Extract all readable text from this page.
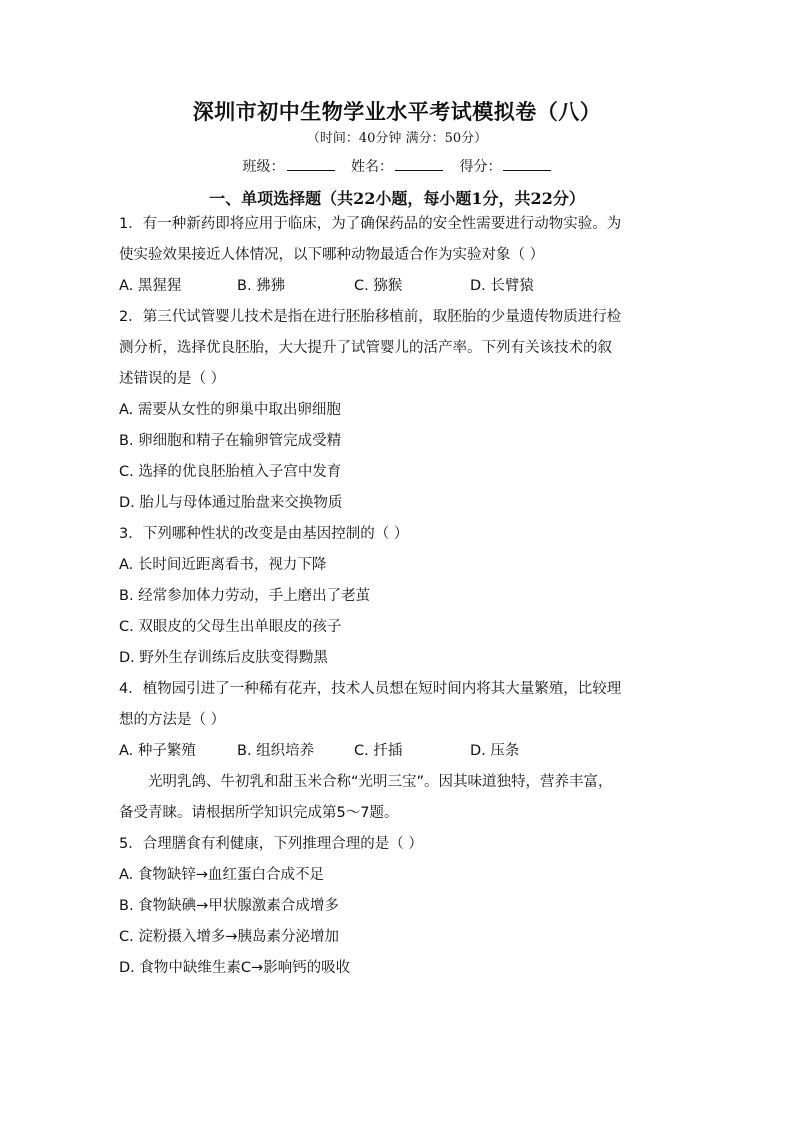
深圳市初中生物学业水平考试模拟卷（八）
（时间：40分钟 满分：50分）
班级：	姓名：	得分：
一、单项选择题（共22小题，每小题1分，共22分）
1．有一种新药即将应用于临床，为了确保药品的安全性需要进行动物实验。为
使实验效果接近人体情况，以下哪种动物最适合作为实验对象（ ）
A. 黑猩猩	B. 狒狒	C. 猕猴	D. 长臂猿
2．第三代试管婴儿技术是指在进行胚胎移植前，取胚胎的少量遗传物质进行检
测分析，选择优良胚胎，大大提升了试管婴儿的活产率。下列有关该技术的叙
述错误的是（ ）
A. 需要从女性的卵巢中取出卵细胞
B. 卵细胞和精子在输卵管完成受精
C. 选择的优良胚胎植入子宫中发育
D. 胎儿与母体通过胎盘来交换物质
3．下列哪种性状的改变是由基因控制的（ ）
A. 长时间近距离看书，视力下降
B. 经常参加体力劳动，手上磨出了老茧
C. 双眼皮的父母生出单眼皮的孩子
D. 野外生存训练后皮肤变得黝黑
4．植物园引进了一种稀有花卉，技术人员想在短时间内将其大量繁殖，比较理
想的方法是（ ）
A. 种子繁殖	B. 组织培养	C. 扦插	D. 压条
光明乳鸽、牛初乳和甜玉米合称“光明三宝”。因其味道独特，营养丰富，
备受青睐。请根据所学知识完成第5～7题。
5．合理膳食有利健康，下列推理合理的是（ ）
A. 食物缺锌→血红蛋白合成不足
B. 食物缺碘→甲状腺激素合成增多
C. 淀粉摄入增多→胰岛素分泌增加
D. 食物中缺维生素C→影响钙的吸收
